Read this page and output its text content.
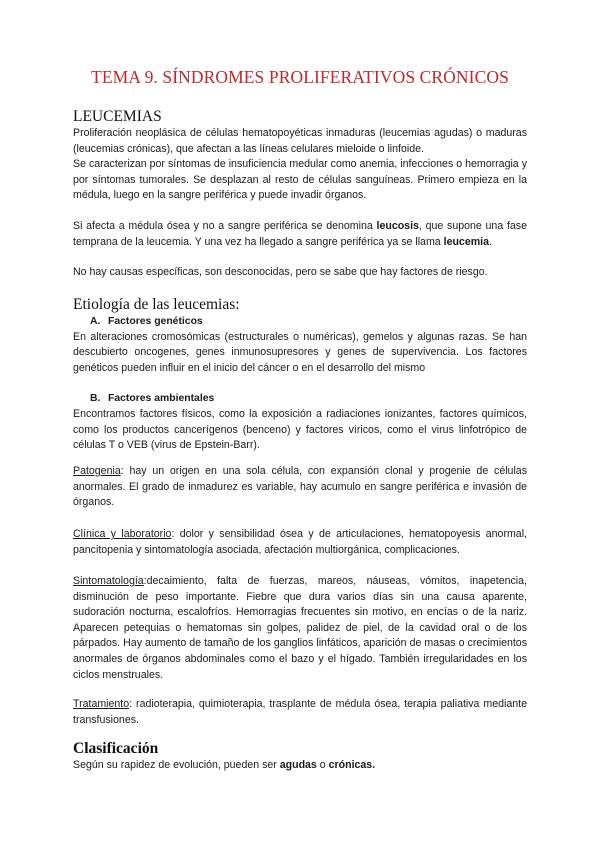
TEMA 9. SÍNDROMES PROLIFERATIVOS CRÓNICOS
LEUCEMIAS

Proliferación neoplásica de células hematopoyéticas inmaduras (leucemias agudas) o maduras (leucemias crónicas), que afectan a las líneas celulares mieloide o linfoide.

Se caracterizan por síntomas de insuficiencia medular como anemia, infecciones o hemorragia y por síntomas tumorales. Se desplazan al resto de células sanguíneas. Primero empieza en la médula, luego en la sangre periférica y puede invadir órganos.

Si afecta a médula ósea y no a sangre periférica se denomina leucosis, que supone una fase temprana de la leucemia. Y una vez ha llegado a sangre periférica ya se llama leucemia.

No hay causas específicas, son desconocidas, pero se sabe que hay factores de riesgo.

Etiología de las leucemias:

A. Factores genéticos

En alteraciones cromosómicas (estructurales o numéricas), gemelos y algunas razas. Se han descubierto oncogenes, genes inmunosupresores y genes de supervivencia. Los factores genéticos pueden influir en el inicio del cáncer o en el desarrollo del mismo

B. Factores ambientales

Encontramos factores físicos, como la exposición a radiaciones ionizantes, factores químicos, como los productos cancerígenos (benceno) y factores víricos, como el virus linfotrópico de células T o VEB (virus de Epstein-Barr).

Patogenia: hay un origen en una sola célula, con expansión clonal y progenie de células anormales. El grado de inmadurez es variable, hay acumulo en sangre periférica e invasión de órganos.

Clínica y laboratorio: dolor y sensibilidad ósea y de articulaciones, hematopoyesis anormal, pancitopenia y sintomatología asociada, afectación multiorgánica, complicaciones.

Sintomatología:decaimiento, falta de fuerzas, mareos, náuseas, vómitos, inapetencia, disminución de peso importante. Fiebre que dura varios días sin una causa aparente, sudoración nocturna, escalofríos. Hemorragias frecuentes sin motivo, en encías o de la nariz. Aparecen petequias o hematomas sin golpes, palidez de piel, de la cavidad oral o de los párpados. Hay aumento de tamaño de los ganglios linfáticos, aparición de masas o crecimientos anormales de órganos abdominales como el bazo y el hígado. También irregularidades en los ciclos menstruales.

Tratamiento: radioterapia, quimioterapia, trasplante de médula ósea, terapia paliativa mediante transfusiones.

Clasificación

Según su rapidez de evolución, pueden ser agudas o crónicas.
